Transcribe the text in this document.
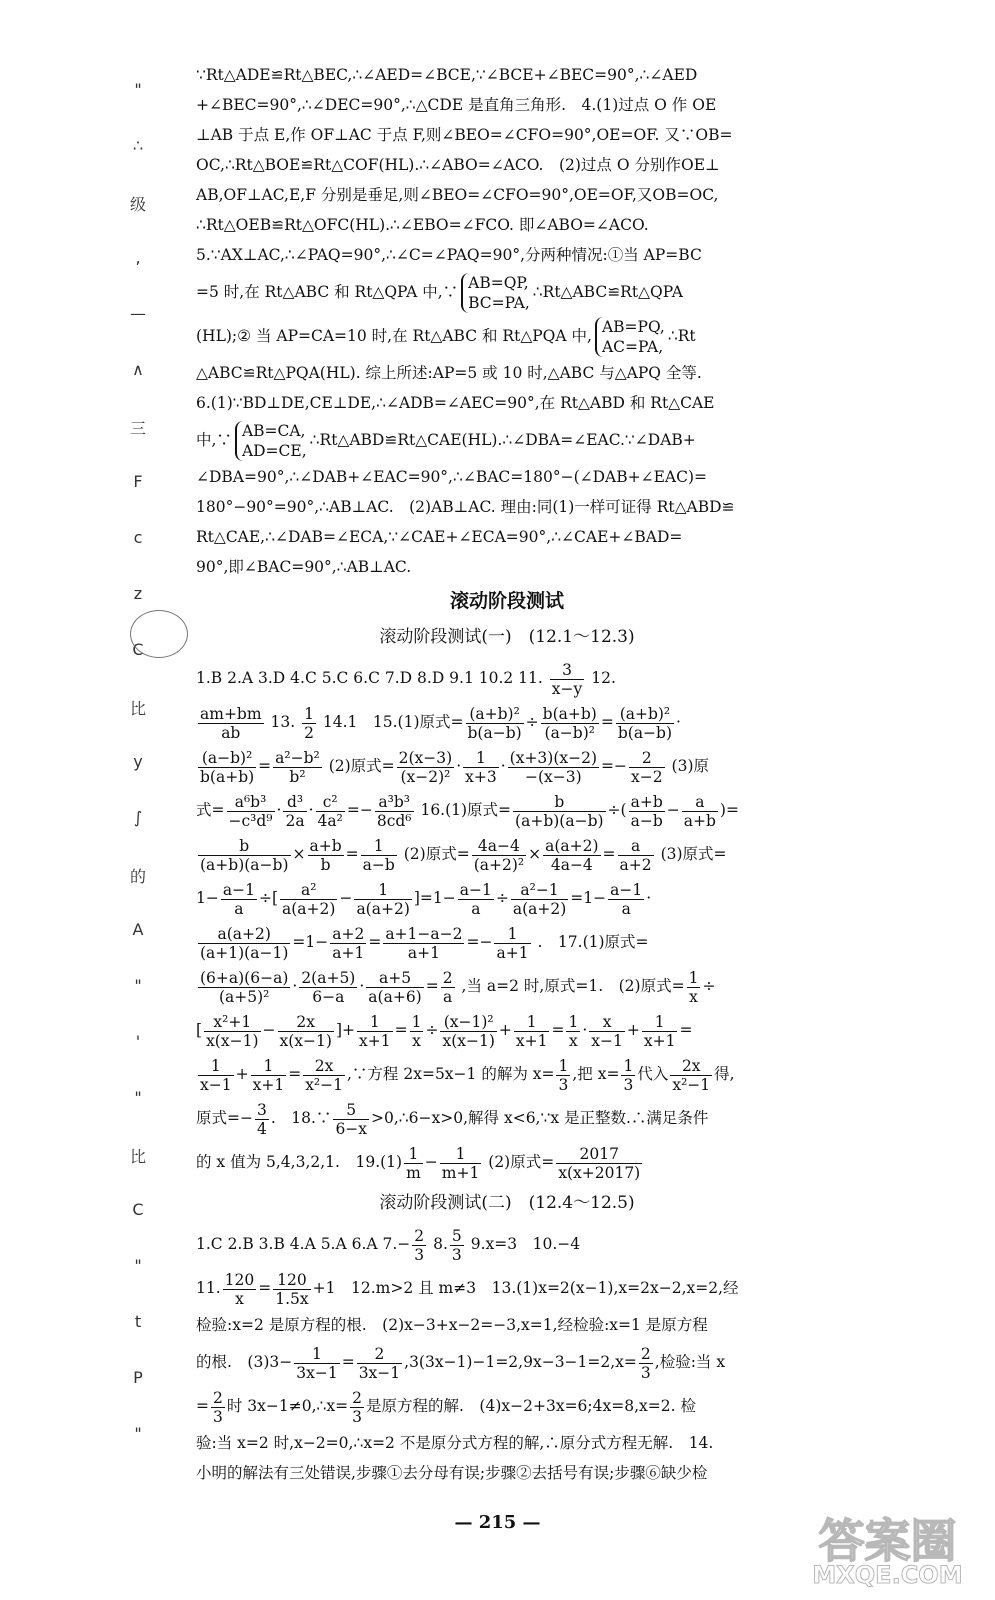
"
∴
级
,
—
∧
三
F
c
z
C
比
y
∫
的
A
"
'
"
比
C
"
t
P
"
∵Rt△ADE≌Rt△BEC,∴∠AED=∠BCE,∵∠BCE+∠BEC=90°,∴∠AED
+∠BEC=90°,∴∠DEC=90°,∴△CDE 是直角三角形.　4.(1)过点 O 作 OE
⊥AB 于点 E,作 OF⊥AC 于点 F,则∠BEO=∠CFO=90°,OE=OF. 又∵OB=
OC,∴Rt△BOE≌Rt△COF(HL).∴∠ABO=∠ACO.　(2)过点 O 分别作OE⊥
AB,OF⊥AC,E,F 分别是垂足,则∠BEO=∠CFO=90°,OE=OF,又OB=OC,
∴Rt△OEB≌Rt△OFC(HL).∴∠EBO=∠FCO. 即∠ABO=∠ACO.
5.∵AX⊥AC,∴∠PAQ=90°,∴∠C=∠PAQ=90°,分两种情况:①当 AP=BC
=5 时,在 Rt△ABC 和 Rt△QPA 中,∵ AB=QP,
BC=PA,
∴Rt△ABC≌Rt△QPA
(HL);② 当 AP=CA=10 时,在 Rt△ABC 和 Rt△PQA 中, AB=PQ,
AC=PA,
∴Rt
△ABC≌Rt△PQA(HL). 综上所述:AP=5 或 10 时,△ABC 与△APQ 全等.
6.(1)∵BD⊥DE,CE⊥DE,∴∠ADB=∠AEC=90°,在 Rt△ABD 和 Rt△CAE
中,∵ AB=CA,
AD=CE,
∴Rt△ABD≌Rt△CAE(HL).∴∠DBA=∠EAC.∵∠DAB+
∠DBA=90°,∴∠DAB+∠EAC=90°,∴∠BAC=180°−(∠DAB+∠EAC)=
180°−90°=90°,∴AB⊥AC.　(2)AB⊥AC. 理由:同(1)一样可证得 Rt△ABD≌
Rt△CAE,∴∠DAB=∠ECA,∵∠CAE+∠ECA=90°,∴∠CAE+∠BAD=
90°,即∠BAC=90°,∴AB⊥AC.
滚动阶段测试
滚动阶段测试(一)　(12.1～12.3)
1.B 2.A 3.D 4.C 5.C 6.C 7.D 8.D 9.1 10.2 11. $\frac{3}{x-y} 12$.
$\frac{am+bm}{ab} 13$. $\frac{1}{2} 14.1$　15.(1)原式= $\frac{\text{(a+b)²}}{b(a-b)} \div \frac{b(a+b)}{\text{(a−b)²}} = \frac{\text{(a+b)²}}{b(a-b)}$ ·
$\frac{\text{(a−b)²}}{b(a+b)} = \frac{\text{a²−b²}}{\text{b²}} (2)$原式= $\frac{2(x-3)}{\text{(x−2)²}} \cdot \frac{1}{x+3} \cdot \frac{(x+3)(x-2)}{-(x-3)} =- \frac{2}{x-2} (3)$原
式= $\frac{\text{a⁶b³}}{\text{−c³d⁹}} \cdot \frac{\text{d³}}{2a} \cdot \frac{\text{c²}}{\text{4a²}} =- \frac{\text{a³b³}}{\text{8cd⁶}} 16.(1)$原式= $\frac{b}{(a+b)(a-b)}$ ÷( $\frac{a+b}{a-b} - \frac{a}{a+b}$ )=
$\frac{b}{(a+b)(a-b)} \times \frac{a+b}{b} = \frac{1}{a-b} (2)$原式= $\frac{4a-4}{\text{(a+2)²}} \times \frac{a(a+2)}{4a-4} = \frac{a}{a+2} (3)$原式=
$1- \frac{a-1}{a}$ ÷[ $\frac{\text{a²}}{a(a+2)} - \frac{1}{a(a+2)} ]=1- \frac{a-1}{a} \div \frac{\text{a²−1}}{a(a+2)} =1- \frac{a-1}{a}$ ·
$\frac{a(a+2)}{(a+1)(a-1)} =1- \frac{a+2}{a+1} = \frac{a+1-a-2}{a+1} =- \frac{1}{a+1}$ .　17.(1)原式=
$\frac{(6+a)(6-a)}{\text{(a+5)²}} \cdot \frac{2(a+5)}{6-a} \cdot \frac{a+5}{a(a+6)} = \frac{2}{a}$ ,当 a=2 时,原式=1.　(2)原式= $\frac{1}{x}$ ÷
[ $\frac{\text{x²+1}}{x(x-1)} - \frac{2x}{x(x-1)}$ ]+ $\frac{1}{x+1} = \frac{1}{x} \div \frac{\text{(x−1)²}}{x(x-1)} + \frac{1}{x+1} = \frac{1}{x} \cdot \frac{x}{x-1} + \frac{1}{x+1}$ =
$\frac{1}{x-1} + \frac{1}{x+1} = \frac{2x}{\text{x²−1}}$ ,∵方程 2x=5x−1 的解为 $x= \frac{1}{3}$ ,把 $x= \frac{1}{3}$ 代入 $\frac{2x}{\text{x²−1}}$ 得,
原式=− $\frac{3}{4}$ .　18.∵ $\frac{5}{6-x}$ >0,∴6−x>0,解得 x<6,∵x 是正整数.∴满足条件
的 x 值为 5,4,3,2,1.　$19.(1) \frac{1}{m} - \frac{1}{m+1} (2)$原式= $\frac{2017}{x(x+2017)}$
滚动阶段测试(二)　(12.4～12.5)
1.C 2.B 3.B 4.A 5.A 6.A $7.- \frac{2}{3} 8$. $\frac{5}{3} 9.x=3$　10.−4
11. $\frac{120}{x} = \frac{120}{1.5x} +1$　12.m>2 且 m≠3　13.(1)x=2(x−1),x=2x−2,x=2,经
检验:x=2 是原方程的根.　(2)x−3+x−2=−3,x=1,经检验:x=1 是原方程
的根.　$(3)3- \frac{1}{3x-1} = \frac{2}{3x-1} ,3(3x-1)-1=2,9x-3-1=2,x= \frac{2}{3}$ ,检验:当 x
= $\frac{2}{3}$ 时 3x−1≠0,∴x= $\frac{2}{3}$ 是原方程的解.　(4)x−2+3x=6;4x=8,x=2. 检
验:当 x=2 时,x−2=0,∴x=2 不是原分式方程的解,∴原分式方程无解.　14.
小明的解法有三处错误,步骤①去分母有误;步骤②去括号有误;步骤⑥缺少检
— 215 —	答案圈
MXQE.COM
